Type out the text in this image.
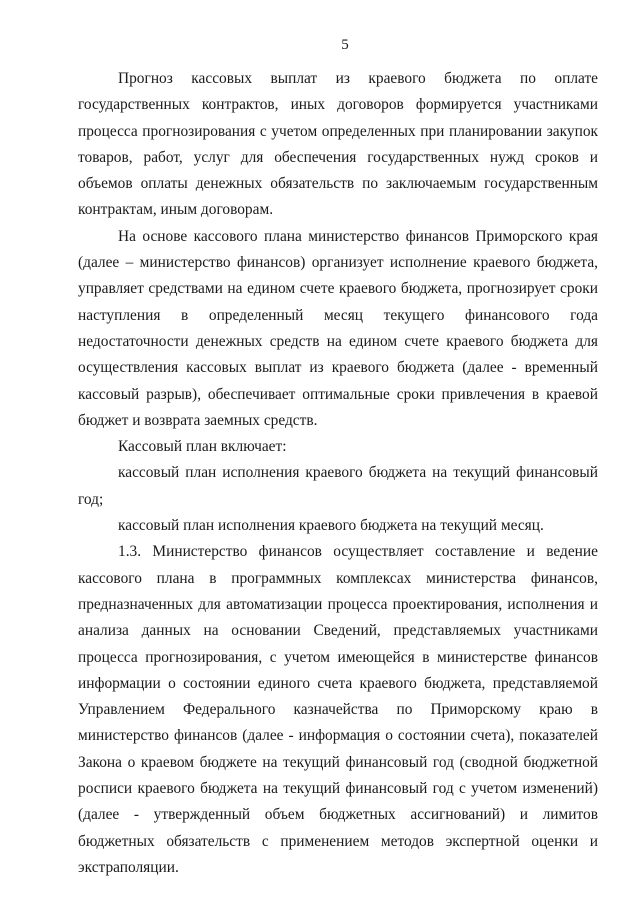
5

Прогноз кассовых выплат из краевого бюджета по оплате государственных контрактов, иных договоров формируется участниками процесса прогнозирования с учетом определенных при планировании закупок товаров, работ, услуг для обеспечения государственных нужд сроков и объемов оплаты денежных обязательств по заключаемым государственным контрактам, иным договорам.

На основе кассового плана министерство финансов Приморского края (далее – министерство финансов) организует исполнение краевого бюджета, управляет средствами на едином счете краевого бюджета, прогнозирует сроки наступления в определенный месяц текущего финансового года недостаточности денежных средств на едином счете краевого бюджета для осуществления кассовых выплат из краевого бюджета (далее - временный кассовый разрыв), обеспечивает оптимальные сроки привлечения в краевой бюджет и возврата заемных средств.

Кассовый план включает:

кассовый план исполнения краевого бюджета на текущий финансовый год;

кассовый план исполнения краевого бюджета на текущий месяц.

1.3. Министерство финансов осуществляет составление и ведение кассового плана в программных комплексах министерства финансов, предназначенных для автоматизации процесса проектирования, исполнения и анализа данных на основании Сведений, представляемых участниками процесса прогнозирования, с учетом имеющейся в министерстве финансов информации о состоянии единого счета краевого бюджета, представляемой Управлением Федерального казначейства по Приморскому краю в министерство финансов (далее - информация о состоянии счета), показателей Закона о краевом бюджете на текущий финансовый год (сводной бюджетной росписи краевого бюджета на текущий финансовый год с учетом изменений) (далее - утвержденный объем бюджетных ассигнований) и лимитов бюджетных обязательств с применением методов экспертной оценки и экстраполяции.
